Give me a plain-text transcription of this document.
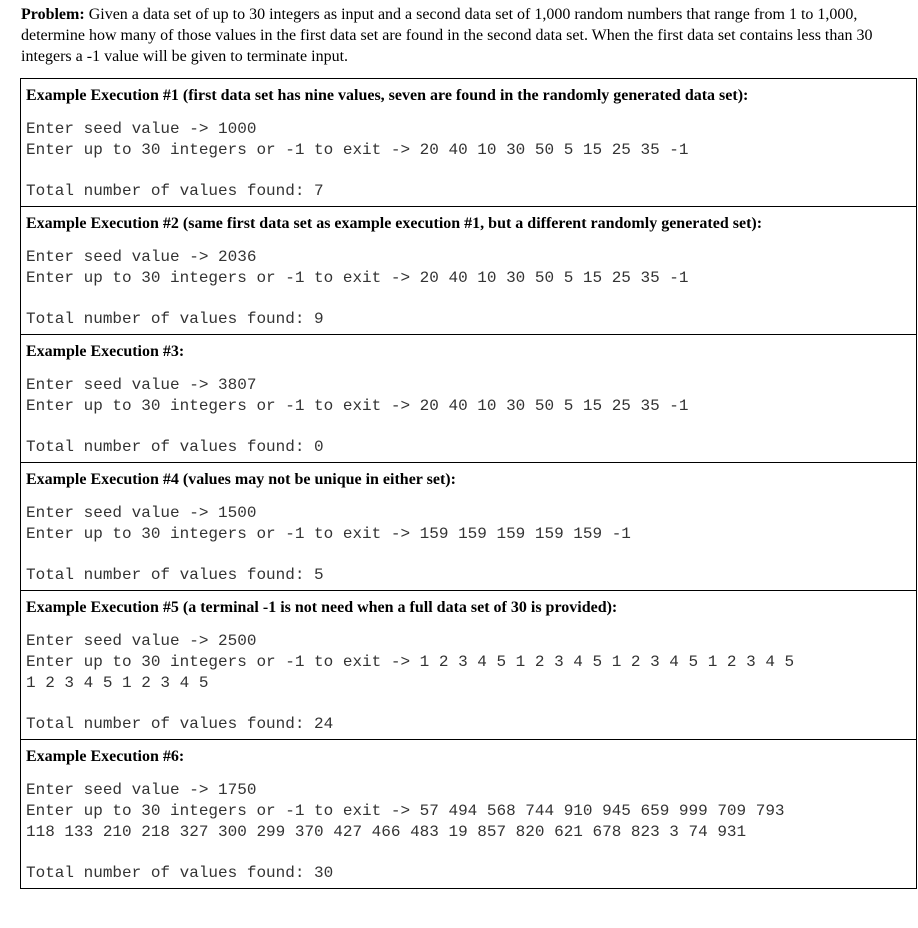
Problem: Given a data set of up to 30 integers as input and a second data set of 1,000 random numbers that range from 1 to 1,000, determine how many of those values in the first data set are found in the second data set. When the first data set contains less than 30 integers a -1 value will be given to terminate input.

Example Execution #1 (first data set has nine values, seven are found in the randomly generated data set):

Enter seed value -> 1000
Enter up to 30 integers or -1 to exit -> 20 40 10 30 50 5 15 25 35 -1
Total number of values found: 7

Example Execution #2 (same first data set as example execution #1, but a different randomly generated set):

Enter seed value -> 2036
Enter up to 30 integers or -1 to exit -> 20 40 10 30 50 5 15 25 35 -1
Total number of values found: 9

Example Execution #3:

Enter seed value -> 3807
Enter up to 30 integers or -1 to exit -> 20 40 10 30 50 5 15 25 35 -1
Total number of values found: 0

Example Execution #4 (values may not be unique in either set):

Enter seed value -> 1500
Enter up to 30 integers or -1 to exit -> 159 159 159 159 159 -1
Total number of values found: 5

Example Execution #5 (a terminal -1 is not need when a full data set of 30 is provided):

Enter seed value -> 2500
Enter up to 30 integers or -1 to exit -> 1 2 3 4 5 1 2 3 4 5 1 2 3 4 5 1 2 3 4 5
1 2 3 4 5 1 2 3 4 5
Total number of values found: 24

Example Execution #6:

Enter seed value -> 1750
Enter up to 30 integers or -1 to exit -> 57 494 568 744 910 945 659 999 709 793
118 133 210 218 327 300 299 370 427 466 483 19 857 820 621 678 823 3 74 931
Total number of values found: 30
